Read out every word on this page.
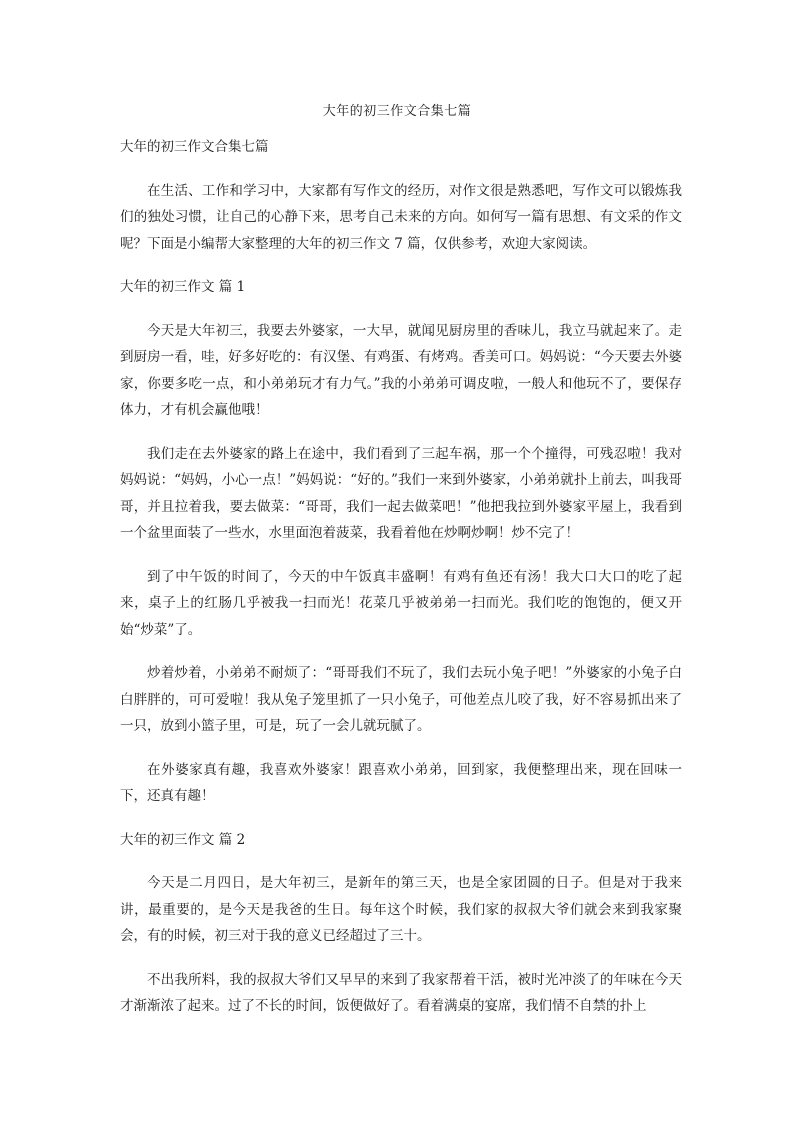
大年的初三作文合集七篇
大年的初三作文合集七篇
在生活、工作和学习中，大家都有写作文的经历，对作文很是熟悉吧，写作文可以锻炼我们的独处习惯，让自己的心静下来，思考自己未来的方向。如何写一篇有思想、有文采的作文呢？下面是小编帮大家整理的大年的初三作文 7 篇，仅供参考，欢迎大家阅读。
大年的初三作文 篇 1
今天是大年初三，我要去外婆家，一大早，就闻见厨房里的香味儿，我立马就起来了。走到厨房一看，哇，好多好吃的：有汉堡、有鸡蛋、有烤鸡。香美可口。妈妈说：“今天要去外婆家，你要多吃一点，和小弟弟玩才有力气。”我的小弟弟可调皮啦，一般人和他玩不了，要保存体力，才有机会赢他哦！
我们走在去外婆家的路上在途中，我们看到了三起车祸，那一个个撞得，可残忍啦！我对妈妈说：“妈妈，小心一点！”妈妈说：“好的。”我们一来到外婆家，小弟弟就扑上前去，叫我哥哥，并且拉着我，要去做菜：“哥哥，我们一起去做菜吧！”他把我拉到外婆家平屋上，我看到一个盆里面装了一些水，水里面泡着菠菜，我看着他在炒啊炒啊！炒不完了！
到了中午饭的时间了，今天的中午饭真丰盛啊！有鸡有鱼还有汤！我大口大口的吃了起来，桌子上的红肠几乎被我一扫而光！花菜几乎被弟弟一扫而光。我们吃的饱饱的，便又开始“炒菜”了。
炒着炒着，小弟弟不耐烦了：“哥哥我们不玩了，我们去玩小兔子吧！”外婆家的小兔子白白胖胖的，可可爱啦！我从兔子笼里抓了一只小兔子，可他差点儿咬了我，好不容易抓出来了一只，放到小篮子里，可是，玩了一会儿就玩腻了。
在外婆家真有趣，我喜欢外婆家！跟喜欢小弟弟，回到家，我便整理出来，现在回味一下，还真有趣！
大年的初三作文 篇 2
今天是二月四日，是大年初三，是新年的第三天，也是全家团圆的日子。但是对于我来讲，最重要的，是今天是我爸的生日。每年这个时候，我们家的叔叔大爷们就会来到我家聚会，有的时候，初三对于我的意义已经超过了三十。
不出我所料，我的叔叔大爷们又早早的来到了我家帮着干活，被时光冲淡了的年味在今天才渐渐浓了起来。过了不长的时间，饭便做好了。看着满桌的宴席，我们情不自禁的扑上
